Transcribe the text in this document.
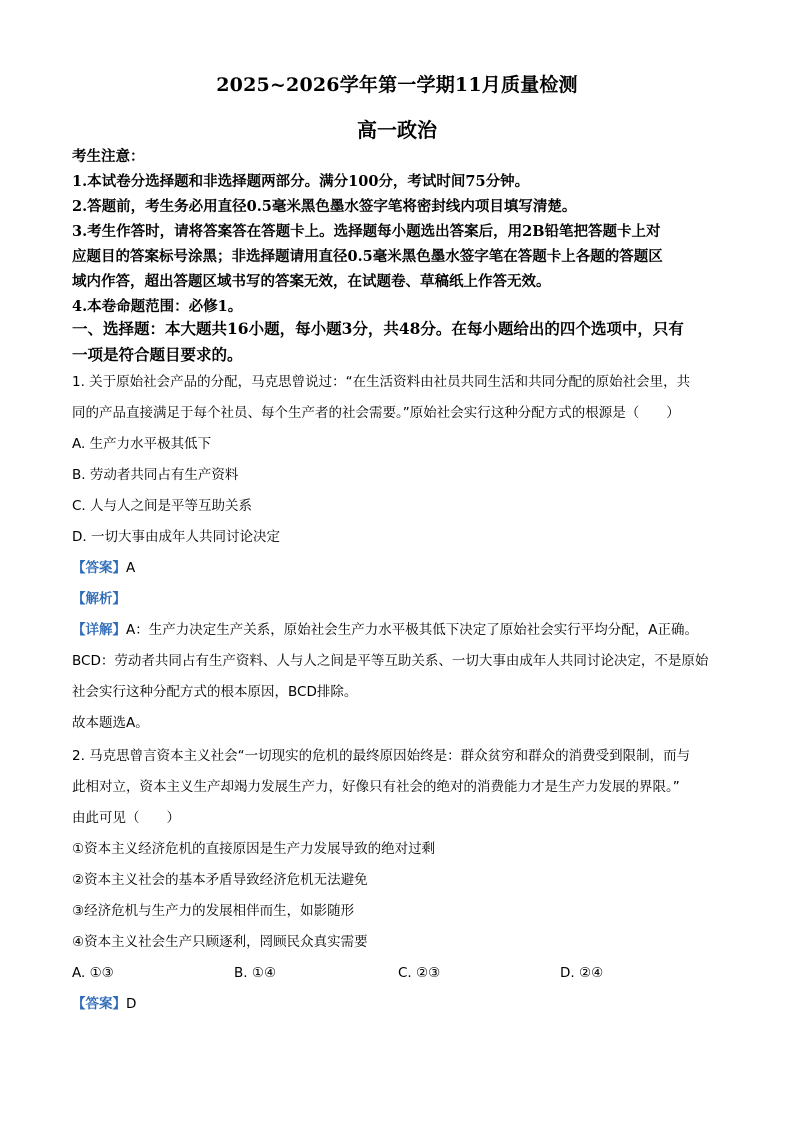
2025~2026学年第一学期11月质量检测
高一政治
考生注意：
1.本试卷分选择题和非选择题两部分。满分100分，考试时间75分钟。
2.答题前，考生务必用直径0.5毫米黑色墨水签字笔将密封线内项目填写清楚。
3.考生作答时，请将答案答在答题卡上。选择题每小题选出答案后，用2B铅笔把答题卡上对
应题目的答案标号涂黑；非选择题请用直径0.5毫米黑色墨水签字笔在答题卡上各题的答题区
域内作答，超出答题区域书写的答案无效，在试题卷、草稿纸上作答无效。
4.本卷命题范围：必修1。
一、选择题：本大题共16小题，每小题3分，共48分。在每小题给出的四个选项中，只有
一项是符合题目要求的。
1. 关于原始社会产品的分配，马克思曾说过：“在生活资料由社员共同生活和共同分配的原始社会里，共
同的产品直接满足于每个社员、每个生产者的社会需要。”原始社会实行这种分配方式的根源是（　　）
A. 生产力水平极其低下
B. 劳动者共同占有生产资料
C. 人与人之间是平等互助关系
D. 一切大事由成年人共同讨论决定
【答案】A
【解析】
【详解】A：生产力决定生产关系，原始社会生产力水平极其低下决定了原始社会实行平均分配，A正确。
BCD：劳动者共同占有生产资料、人与人之间是平等互助关系、一切大事由成年人共同讨论决定，不是原始
社会实行这种分配方式的根本原因，BCD排除。
故本题选A。
2. 马克思曾言资本主义社会“一切现实的危机的最终原因始终是：群众贫穷和群众的消费受到限制，而与
此相对立，资本主义生产却竭力发展生产力，好像只有社会的绝对的消费能力才是生产力发展的界限。”
由此可见（　　）
①资本主义经济危机的直接原因是生产力发展导致的绝对过剩
②资本主义社会的基本矛盾导致经济危机无法避免
③经济危机与生产力的发展相伴而生，如影随形
④资本主义社会生产只顾逐利，罔顾民众真实需要
A. ①③	B. ①④	C. ②③	D. ②④
【答案】D
